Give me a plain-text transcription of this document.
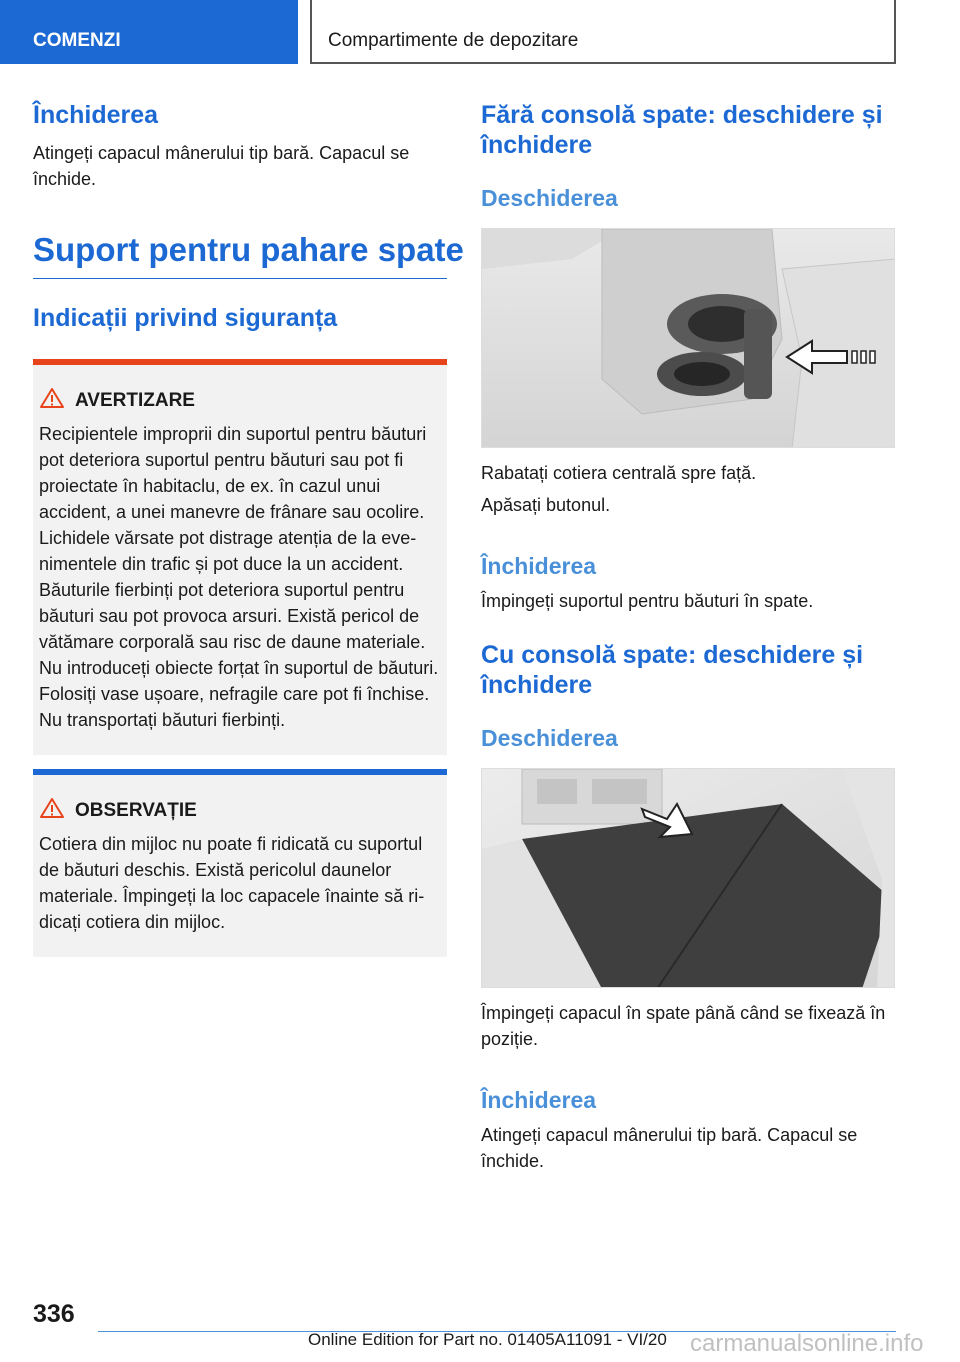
COMENZI	Compartimente de depozitare
Închiderea
Atingeți capacul mânerului tip bară. Capacul se închide.
Suport pentru pahare spate
Indicații privind siguranța
AVERTIZARE
Recipientele improprii din suportul pentru băuturi pot deteriora suportul pentru băuturi sau pot fi proiectate în habitaclu, de ex. în cazul unui accident, a unei manevre de frânare sau ocolire. Lichidele vărsate pot distrage atenția de la evenimentele din trafic și pot duce la un accident. Băuturile fierbinți pot deteriora suportul pentru băuturi sau pot provoca arsuri. Există pericol de vătămare corporală sau risc de daune materiale. Nu introduceți obiecte forțat în suportul de băuturi. Folosiți vase ușoare, nefragile care pot fi închise. Nu transportați băuturi fierbinți.
OBSERVAȚIE
Cotiera din mijloc nu poate fi ridicată cu suportul de băuturi deschis. Există pericolul daunelor materiale. Împingeți la loc capacele înainte să ridicați cotiera din mijloc.
Fără consolă spate: deschidere și închidere
Deschiderea
Rabatați cotiera centrală spre față.
Apăsați butonul.
Închiderea
Împingeți suportul pentru băuturi în spate.
Cu consolă spate: deschidere și închidere
Deschiderea
Împingeți capacul în spate până când se fixează în poziție.
Închiderea
Atingeți capacul mânerului tip bară. Capacul se închide.
336
Online Edition for Part no. 01405A11091 - VI/20 carmanualsonline.info
